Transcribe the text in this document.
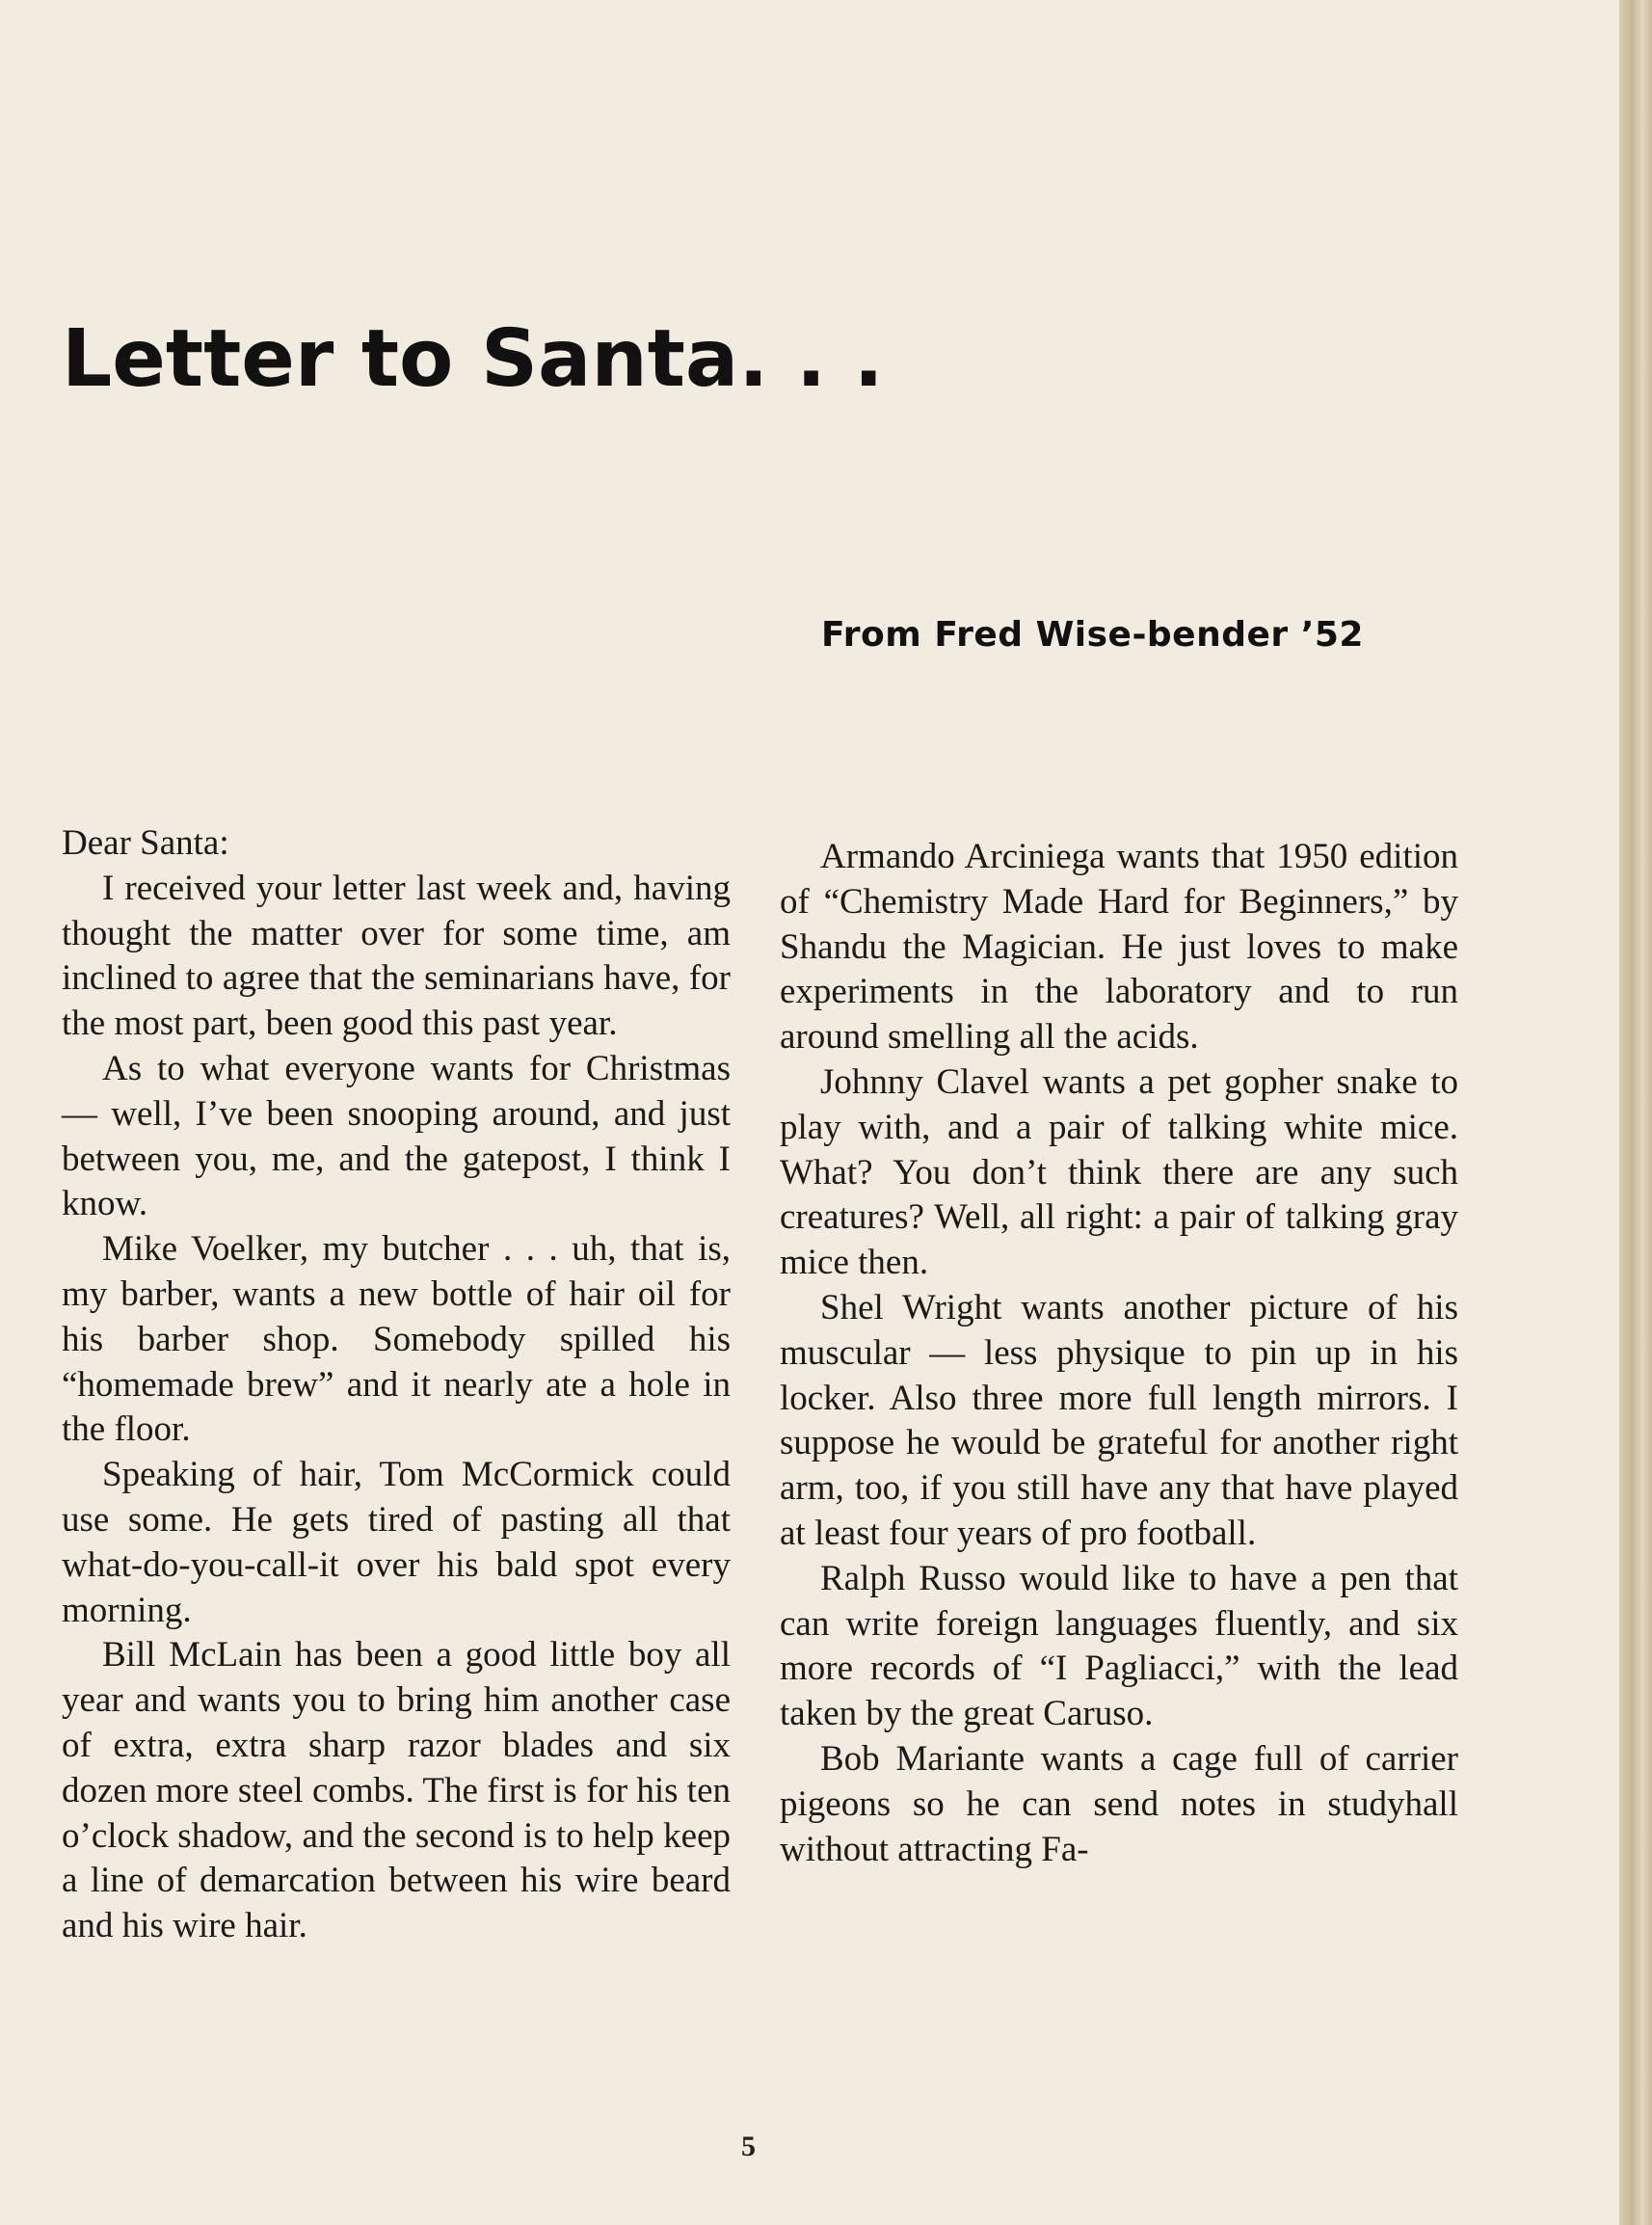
Letter to Santa. . .
From Fred Wise-bender ’52

Dear Santa:

I received your letter last week and, having thought the matter over for some time, am inclined to agree that the seminarians have, for the most part, been good this past year.

As to what everyone wants for Christmas — well, I’ve been snooping around, and just between you, me, and the gatepost, I think I know.

Mike Voelker, my butcher . . . uh, that is, my barber, wants a new bottle of hair oil for his barber shop. Somebody spilled his “homemade brew” and it nearly ate a hole in the floor.

Speaking of hair, Tom McCormick could use some. He gets tired of pasting all that what-do-you-call-it over his bald spot every morning.

Bill McLain has been a good little boy all year and wants you to bring him another case of extra, extra sharp razor blades and six dozen more steel combs. The first is for his ten o’clock shadow, and the second is to help keep a line of demarcation between his wire beard and his wire hair.

Armando Arciniega wants that 1950 edition of “Chemistry Made Hard for Beginners,” by Shandu the Magician. He just loves to make experiments in the laboratory and to run around smelling all the acids.

Johnny Clavel wants a pet gopher snake to play with, and a pair of talking white mice. What? You don’t think there are any such creatures? Well, all right: a pair of talking gray mice then.

Shel Wright wants another picture of his muscular — less physique to pin up in his locker. Also three more full length mirrors. I suppose he would be grateful for another right arm, too, if you still have any that have played at least four years of pro football.

Ralph Russo would like to have a pen that can write foreign languages fluently, and six more records of “I Pagliacci,” with the lead taken by the great Caruso.

Bob Mariante wants a cage full of carrier pigeons so he can send notes in studyhall without attracting Fa-

5
